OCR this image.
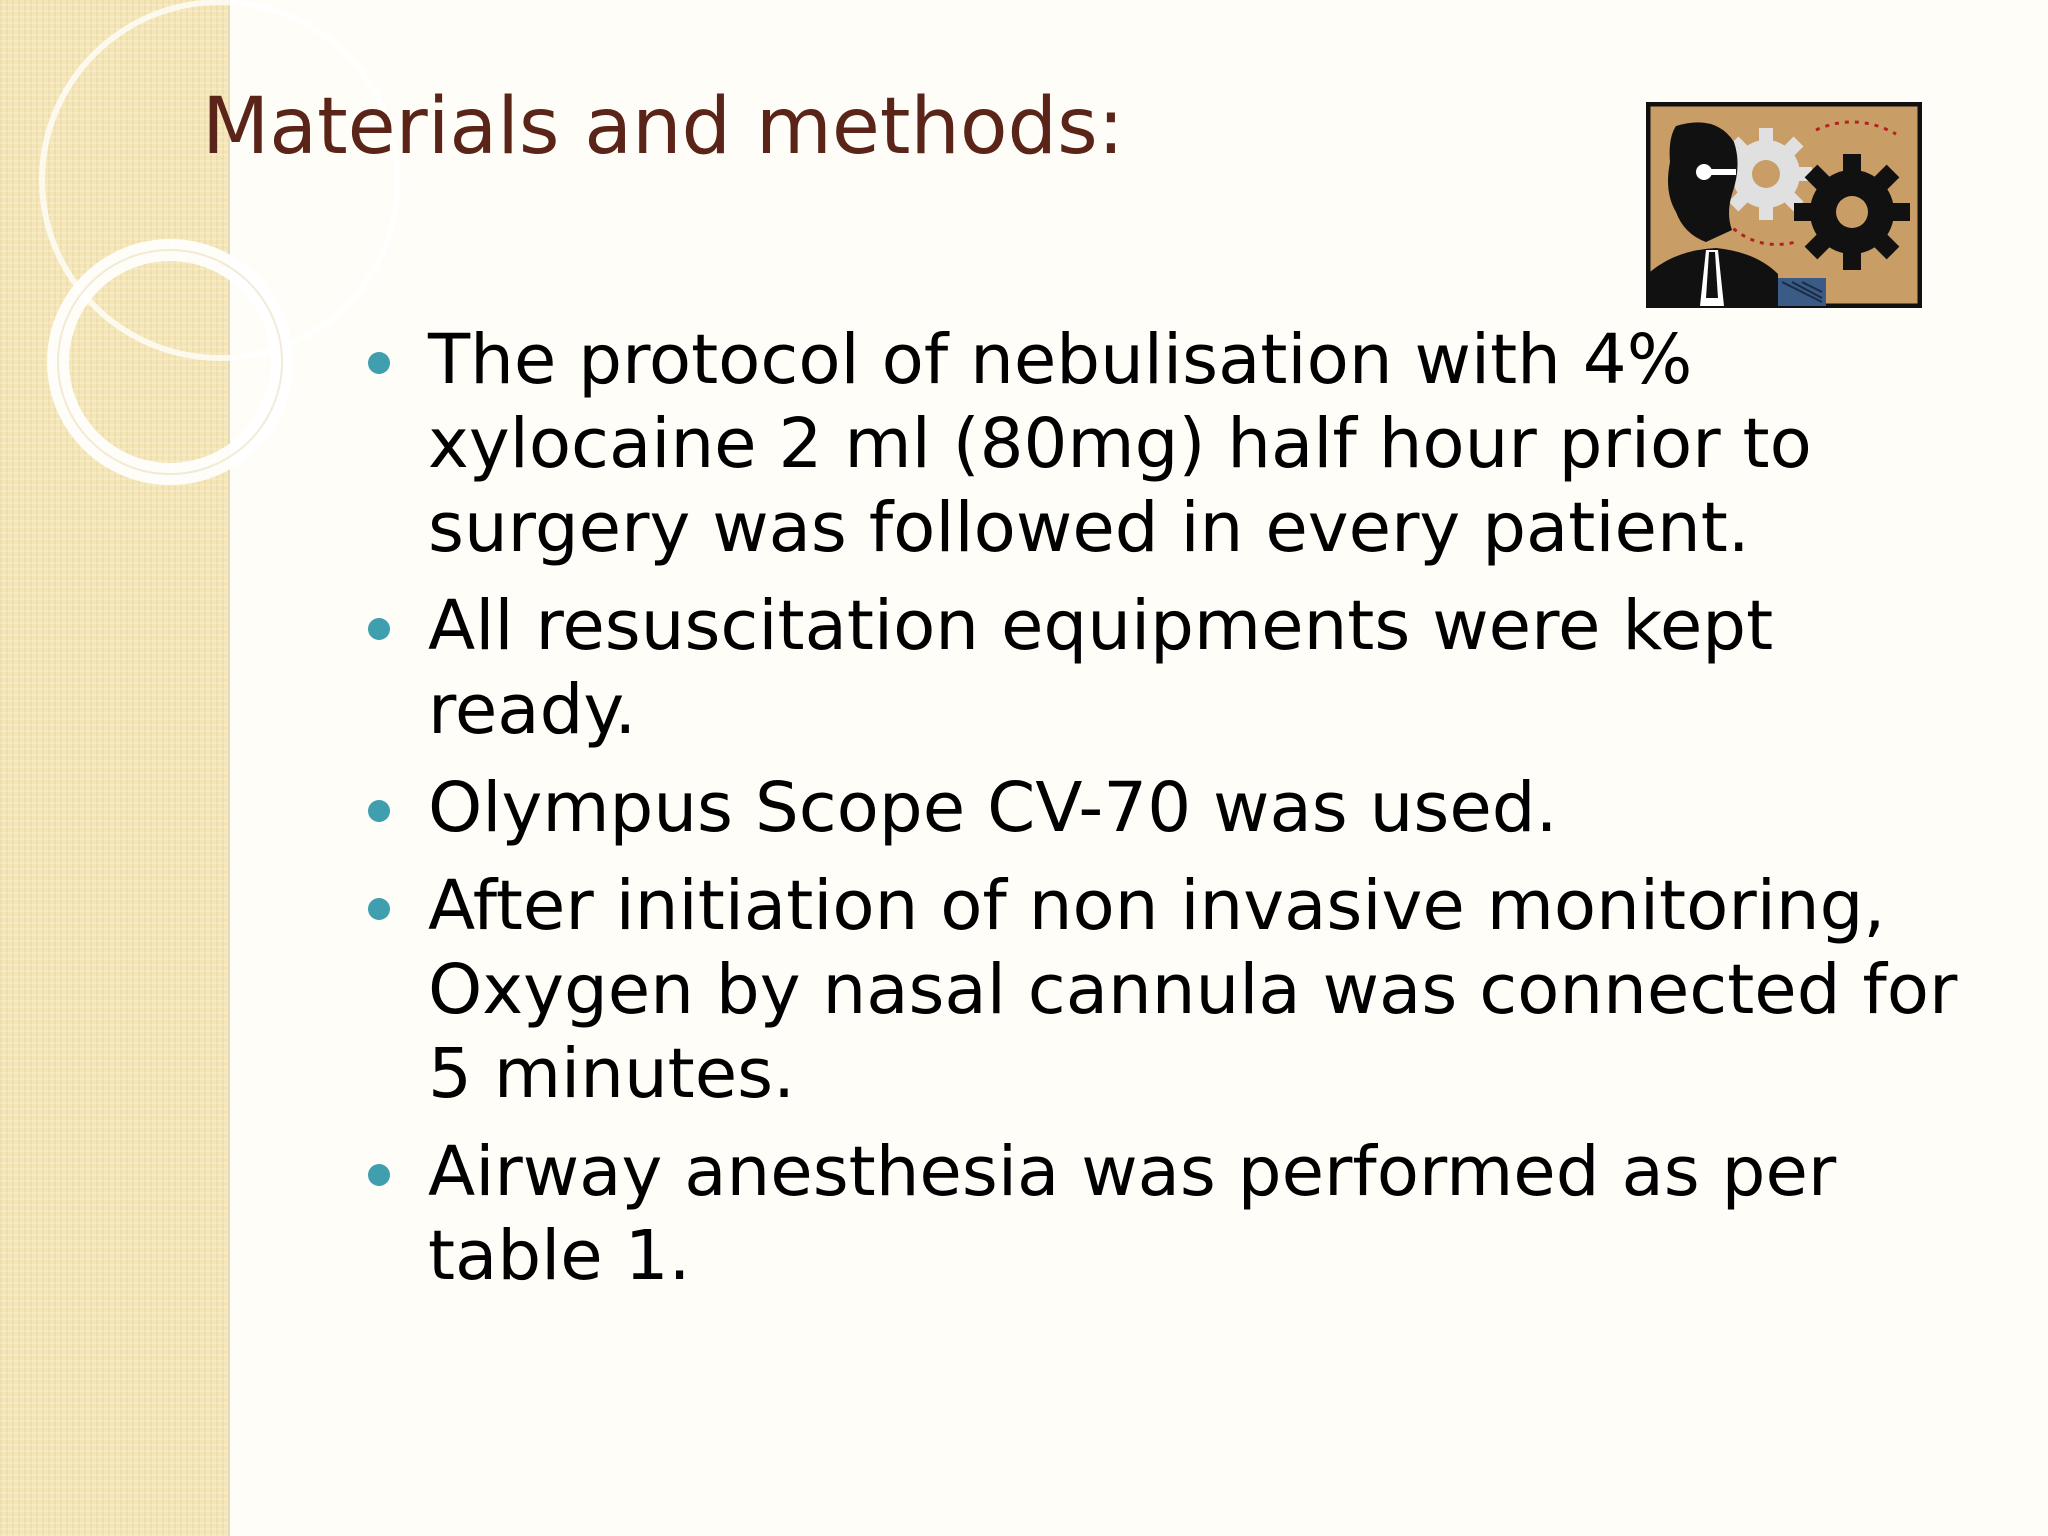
Materials and methods:
The protocol of nebulisation with 4% xylocaine 2 ml (80mg) half hour prior to surgery was followed in every patient.
All resuscitation equipments were kept ready.
Olympus Scope CV-70 was used.
After initiation of non invasive monitoring, Oxygen by nasal cannula was connected for 5 minutes.
Airway anesthesia was performed as per table 1.
